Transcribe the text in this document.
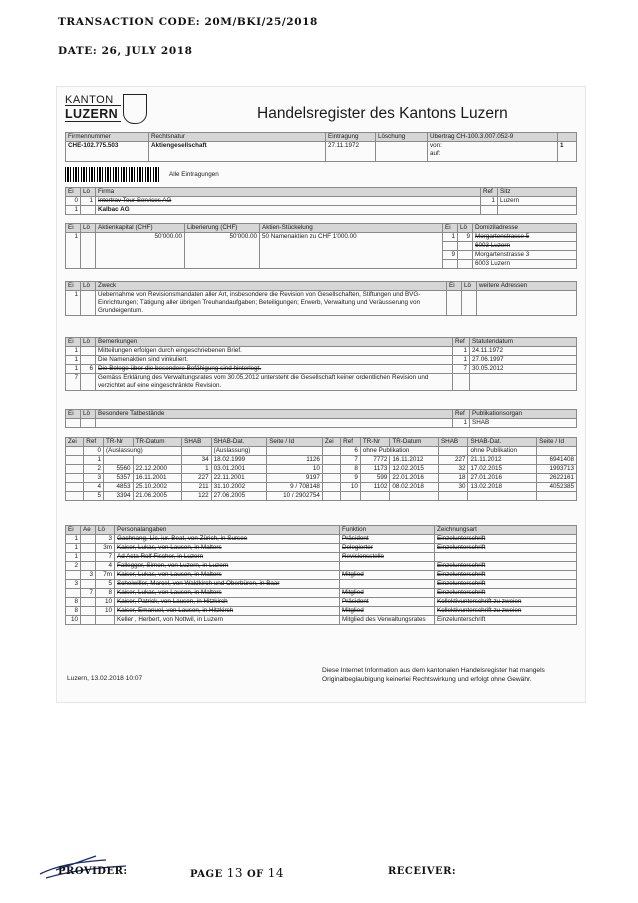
TRANSACTION CODE: 20M/BKI/25/2018
DATE: 26, JULY 2018
KANTON
LUZERN	Handelsregister des Kantons Luzern
Firmennummer	Rechtsnatur	Eintragung	Löschung	Übertrag CH-100.3.007.052-9	
CHE-102.775.503	Aktiengesellschaft	27.11.1972		von:
auf:	1
Alle Eintragungen
Ei	Lö	Firma	Ref	Sitz
0	1	Intertrav Tour Services AG	1	Luzern
1		Kalbac AG		
Ei	Lö	Aktienkapital (CHF)	Liberierung (CHF)	Aktien-Stückelung	Ei	Lö	Domiziladresse
1		50'000.00	50'000.00	50 Namenaktien zu CHF 1'000.00	1	9	Morgartenstrasse 5
							6003 Luzern
					9		Morgartenstrasse 3
							6003 Luzern
Ei	Lö	Zweck	Ei	Lö	weitere Adressen
1		Uebernahme von Revisionsmandaten aller Art, insbesondere die Revision von Gesellschaften, Stiftungen und BVG-Einrichtungen; Tätigung aller übrigen Treuhandaufgaben; Beteiligungen; Erwerb, Verwaltung und Veräusserung von Grundeigentum.			
Ei	Lö	Bemerkungen	Ref	Statutendatum
1		Mitteilungen erfolgen durch eingeschriebenen Brief.	1	24.11.1972
1		Die Namenaktien sind vinkuliert.	1	27.06.1997
1	6	Die Belege über die besondere Befähigung sind hinterlegt.	7	30.05.2012
7		Gemäss Erklärung des Verwaltungsrates vom 30.05.2012 untersteht die Gesellschaft keiner ordentlichen Revision und verzichtet auf eine eingeschränkte Revision.		
Ei	Lö	Besondere Tatbestände	Ref	Publikationsorgan
			1	SHAB
Zei	Ref	TR-Nr	TR-Datum	SHAB	SHAB-Dat.	Seite / Id	Zei	Ref	TR-Nr	TR-Datum	SHAB	SHAB-Dat.	Seite / Id
	0	(Auslassung)			(Auslassung)			6	ohne Publikation			ohne Publikation	
	1			34	18.02.1999	1126		7	7772	16.11.2012	227	21.11.2012	6941408
	2	5560	22.12.2000	1	03.01.2001	10		8	1173	12.02.2015	32	17.02.2015	1993713
	3	5357	16.11.2001	227	22.11.2001	9197		9	599	22.01.2016	18	27.01.2016	2622161
	4	4853	25.10.2002	211	31.10.2002	9 / 708148		10	1102	08.02.2018	30	13.02.2018	4052385
	5	3394	21.06.2005	122	27.06.2005	10 / 2902754							
Ei	Ae	Lö	Personalangaben	Funktion	Zeichnungsart
1		3	Gachnang, Lic. iur. Beat, von Zürich, in Sursee	Präsident	Einzelunterschrift
1		3m	Kaiser, Lukas, von Lausen, in Malters	Delegierter	Einzelunterschrift
1		7	Ad Acta Rolf Fischer, in Luzern	Revisionsstelle	
2		4	Fallegger, Simon, von Luzern, in Luzern		Einzelunterschrift
	3	7m	Kaiser, Lukas, von Lausen, in Malters	Mitglied	Einzelunterschrift
3		5	Scheiwiller, Marcel, von Waldkirch und Oberbüren, in Baar		Einzelunterschrift
	7	8	Kaiser, Lukas, von Lausen, in Malters	Mitglied	Einzelunterschrift
8		10	Kaiser, Patrick, von Lausen, in Hitzkirch	Präsident	Kollektivunterschrift zu zweien
8		10	Kaiser, Emanuel, von Lausen, in Hitzkirch	Mitglied	Kollektivunterschrift zu zweien
10			Keller , Herbert, von Nottwil, in Luzern	Mitglied des Verwaltungsrates	Einzelunterschrift
Luzern, 13.02.2018 10:07
Diese Internet Information aus dem kantonalen Handelsregister hat mangels Originalbeglaubigung keinerlei Rechtswirkung und erfolgt ohne Gewähr.
PROVIDER:	PAGE 13 OF 14	RECEIVER:
